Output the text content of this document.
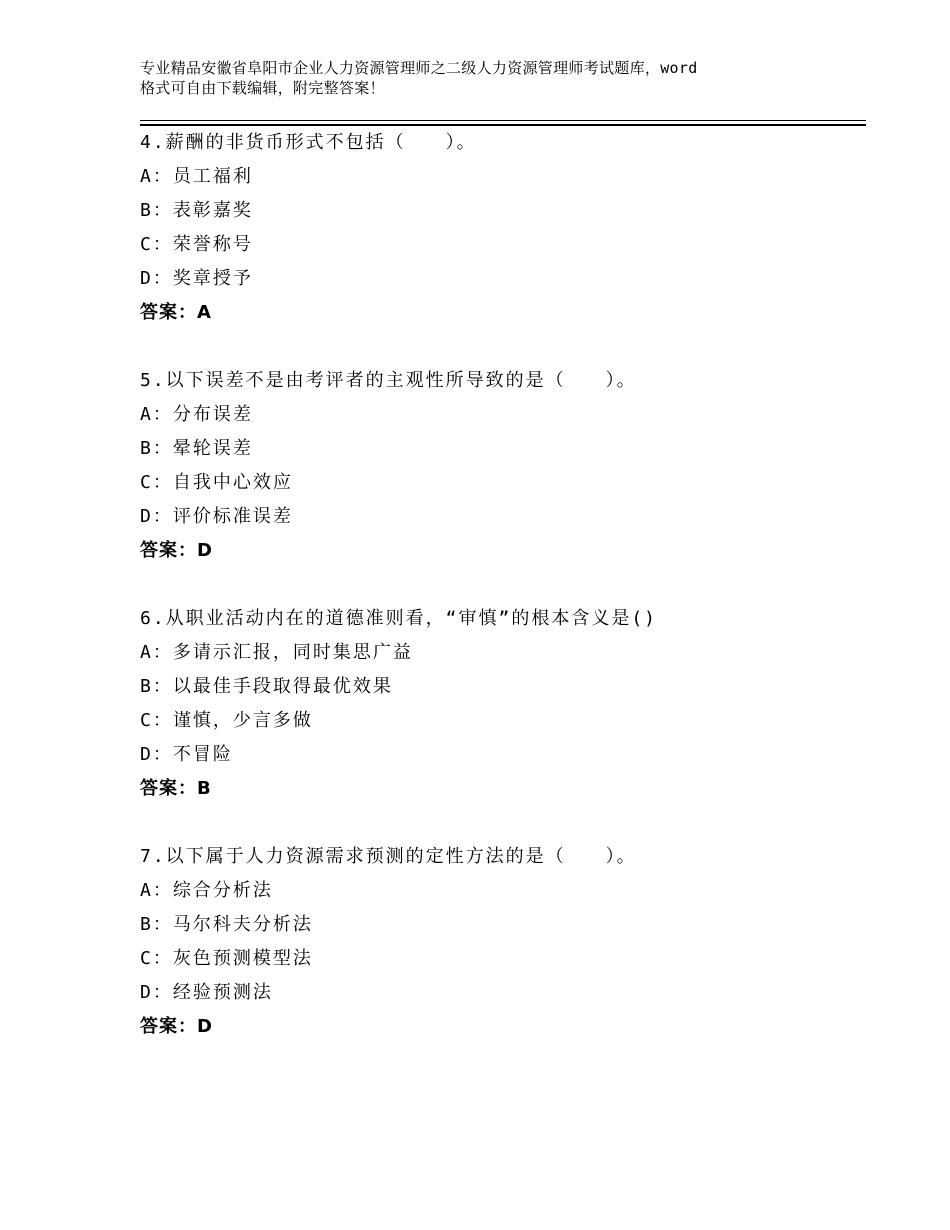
专业精品安徽省阜阳市企业人力资源管理师之二级人力资源管理师考试题库，word
格式可自由下载编辑，附完整答案！
4.薪酬的非货币形式不包括（　　）。
A：员工福利
B：表彰嘉奖
C：荣誉称号
D：奖章授予
答案：A
5.以下误差不是由考评者的主观性所导致的是（　　）。
A：分布误差
B：晕轮误差
C：自我中心效应
D：评价标准误差
答案：D
6.从职业活动内在的道德准则看，“审慎”的根本含义是()
A：多请示汇报，同时集思广益
B：以最佳手段取得最优效果
C：谨慎，少言多做
D：不冒险
答案：B
7.以下属于人力资源需求预测的定性方法的是（　　）。
A：综合分析法
B：马尔科夫分析法
C：灰色预测模型法
D：经验预测法
答案：D
